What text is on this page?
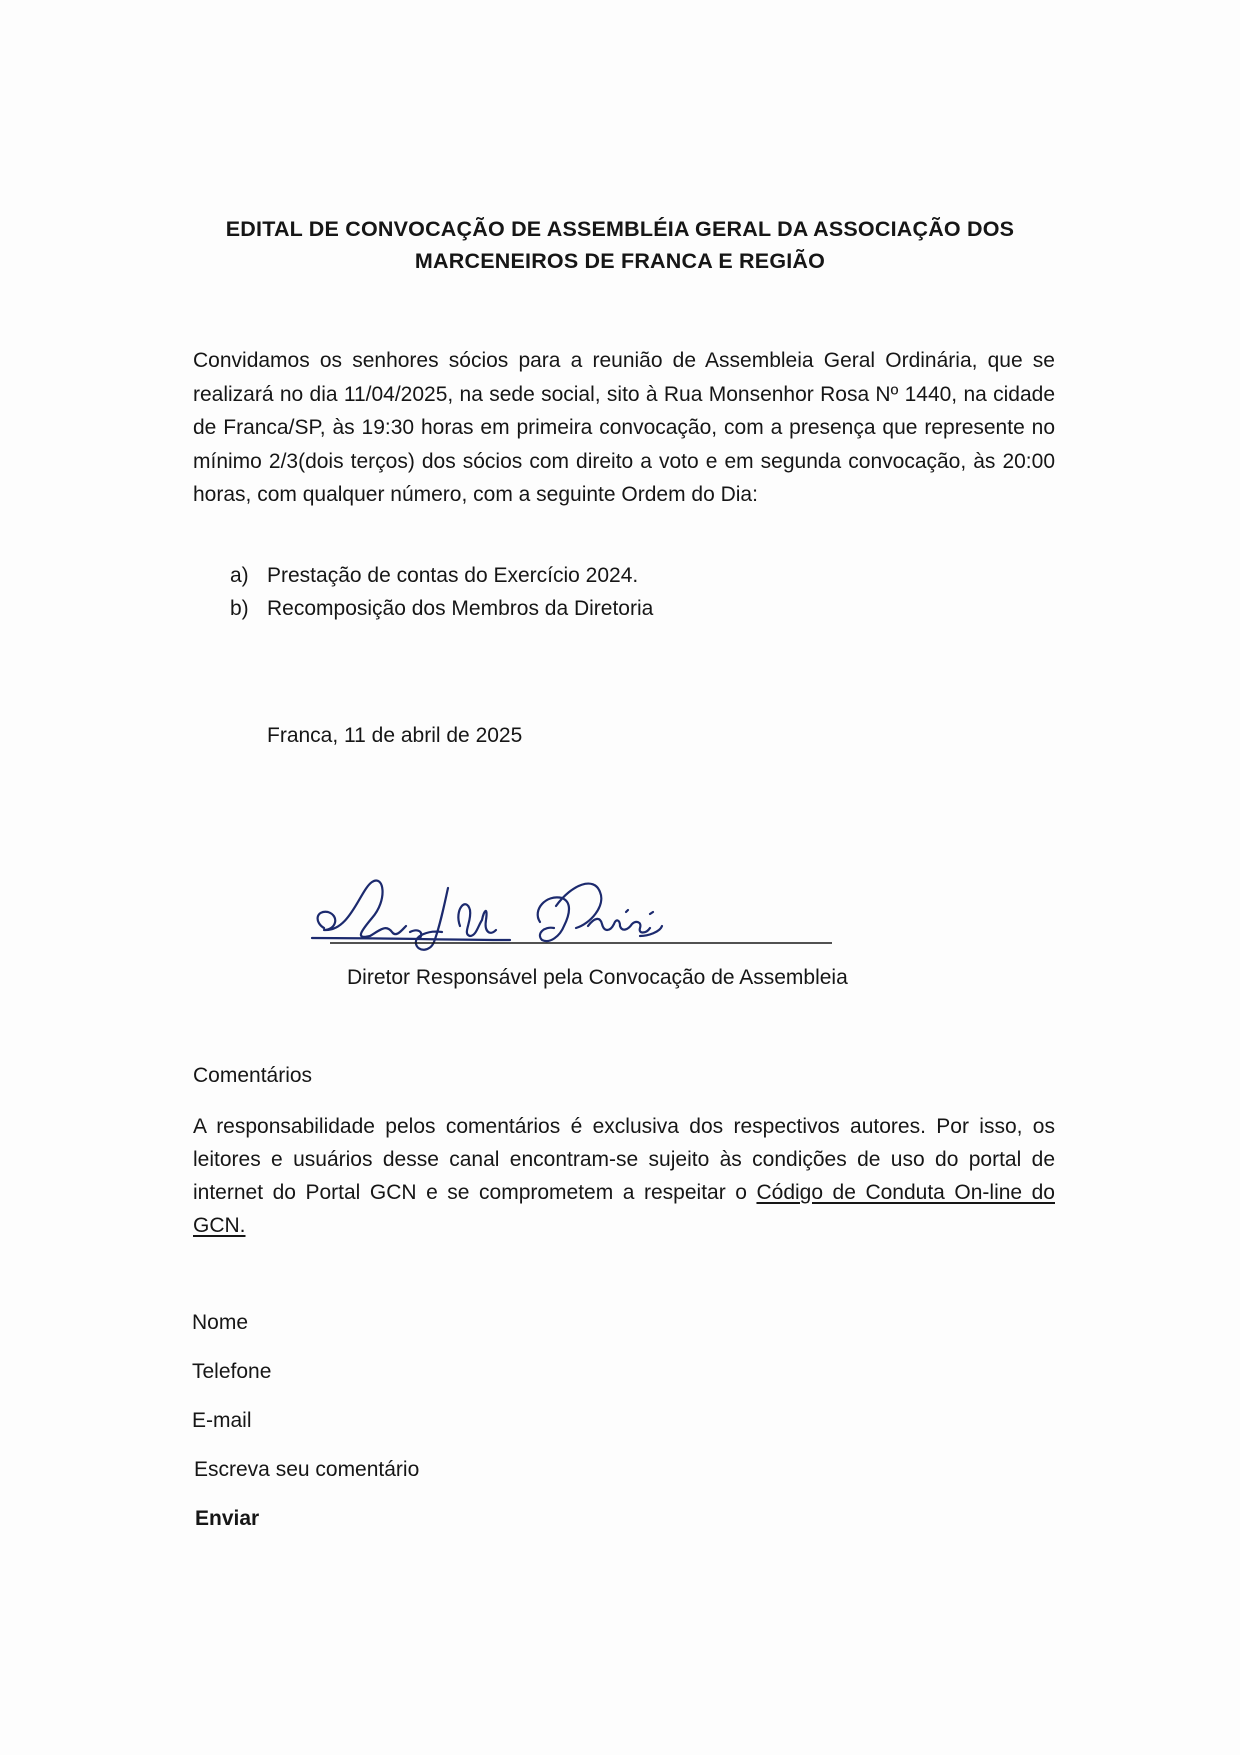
EDITAL DE CONVOCAÇÃO DE ASSEMBLÉIA GERAL DA ASSOCIAÇÃO DOS
MARCENEIROS DE FRANCA E REGIÃO
Convidamos os senhores sócios para a reunião de Assembleia Geral Ordinária, que se realizará no dia 11/04/2025, na sede social, sito à Rua Monsenhor Rosa Nº 1440, na cidade de Franca/SP, às 19:30 horas em primeira convocação, com a presença que represente no mínimo 2/3(dois terços) dos sócios com direito a voto e em segunda convocação, às 20:00 horas, com qualquer número, com a seguinte Ordem do Dia:
a) Prestação de contas do Exercício 2024.
b) Recomposição dos Membros da Diretoria
Franca, 11 de abril de 2025
Diretor Responsável pela Convocação de Assembleia
Comentários
A responsabilidade pelos comentários é exclusiva dos respectivos autores. Por isso, os leitores e usuários desse canal encontram-se sujeito às condições de uso do portal de internet do Portal GCN e se comprometem a respeitar o Código de Conduta On-line do GCN.
Nome
Telefone
E-mail
Escreva seu comentário
Enviar
